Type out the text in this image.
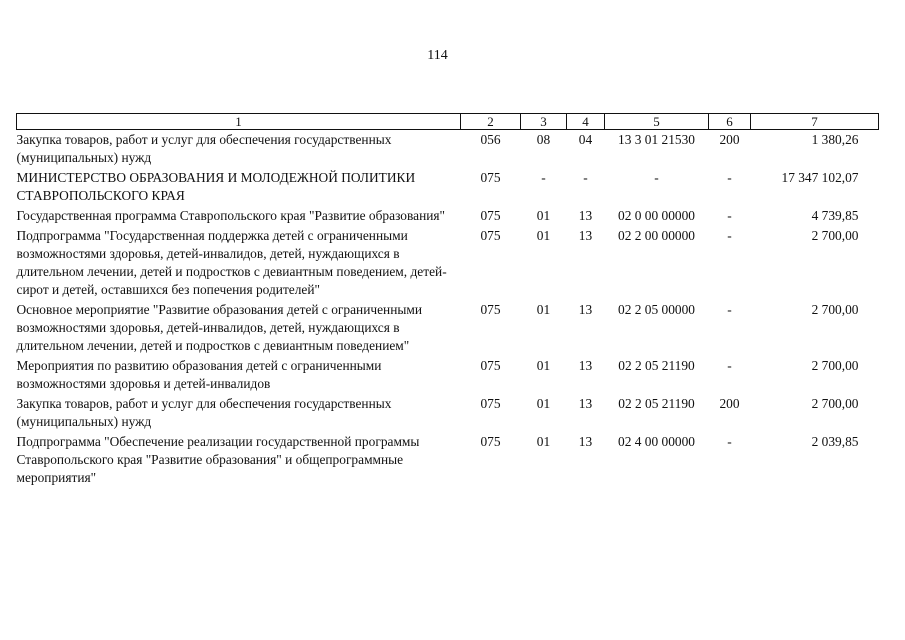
114
1	2	3	4	5	6	7
Закупка товаров, работ и услуг для обеспечения государственных (муниципальных) нужд	056	08	04	13 3 01 21530	200	1 380,26
МИНИСТЕРСТВО ОБРАЗОВАНИЯ И МОЛОДЕЖНОЙ ПОЛИТИКИ СТАВРОПОЛЬСКОГО КРАЯ	075	-	-	-	-	17 347 102,07
Государственная программа Ставропольского края "Развитие образования"	075	01	13	02 0 00 00000	-	4 739,85
Подпрограмма "Государственная поддержка детей с ограниченными возможностями здоровья, детей-инвалидов, детей, нуждающихся в длительном лечении, детей и подростков с девиантным поведением, детей-сирот и детей, оставшихся без попечения родителей"	075	01	13	02 2 00 00000	-	2 700,00
Основное мероприятие "Развитие образования детей с ограниченными возможностями здоровья, детей-инвалидов, детей, нуждающихся в длительном лечении, детей и подростков с девиантным поведением"	075	01	13	02 2 05 00000	-	2 700,00
Мероприятия по развитию образования детей с ограниченными возможностями здоровья и детей-инвалидов	075	01	13	02 2 05 21190	-	2 700,00
Закупка товаров, работ и услуг для обеспечения государственных (муниципальных) нужд	075	01	13	02 2 05 21190	200	2 700,00
Подпрограмма "Обеспечение реализации государственной программы Ставропольского края "Развитие образования" и общепрограммные мероприятия"	075	01	13	02 4 00 00000	-	2 039,85
